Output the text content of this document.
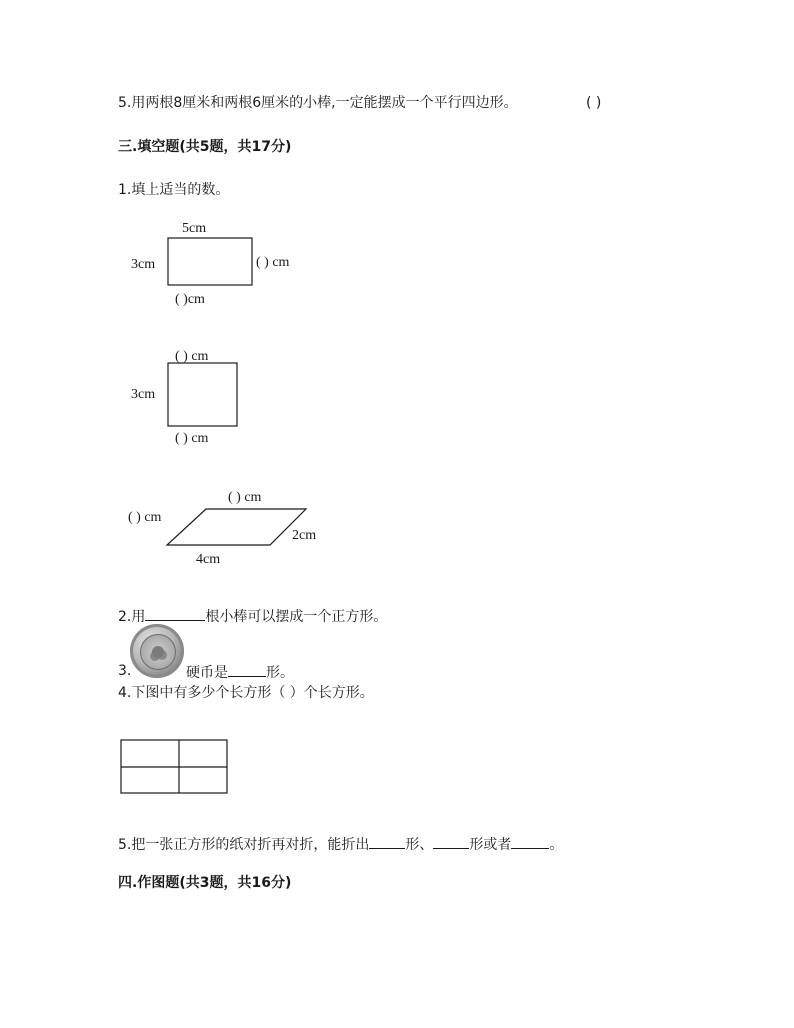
5.用两根8厘米和两根6厘米的小棒,一定能摆成一个平行四边形。	( )
三.填空题(共5题，共17分)
1.填上适当的数。
5cm
3cm	( ) cm
( )cm
( ) cm
3cm
( ) cm
( ) cm
( ) cm
2cm
4cm
2.用	根小棒可以摆成一个正方形。
3.	硬币是	形。
4.下图中有多少个长方形（ ）个长方形。
5.把一张正方形的纸对折再对折，能折出	形、	形或者	。
四.作图题(共3题，共16分)
